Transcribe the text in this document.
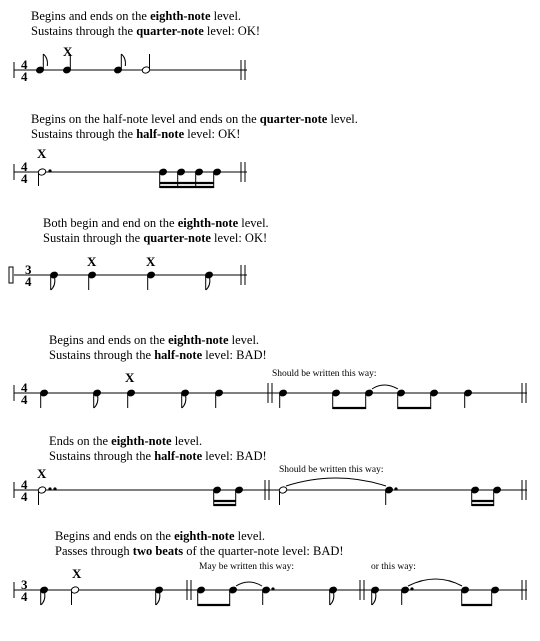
Begins and ends on the eighth-note level.
Sustains through the quarter-note level: OK!
Begins on the half-note level and ends on the quarter-note level.
Sustains through the half-note level: OK!
Both begin and end on the eighth-note level.
Sustain through the quarter-note level: OK!
Begins and ends on the eighth-note level.
Sustains through the half-note level: BAD!
Ends on the eighth-note level.
Sustains through the half-note level: BAD!
Begins and ends on the eighth-note level.
Passes through two beats of the quarter-note level: BAD!
Should be written this way:
Should be written this way:
May be written this way:	or this way:
4
4
X
4
4
X
3
4
X	X
4
4
X
4
4
X
3
4
X
